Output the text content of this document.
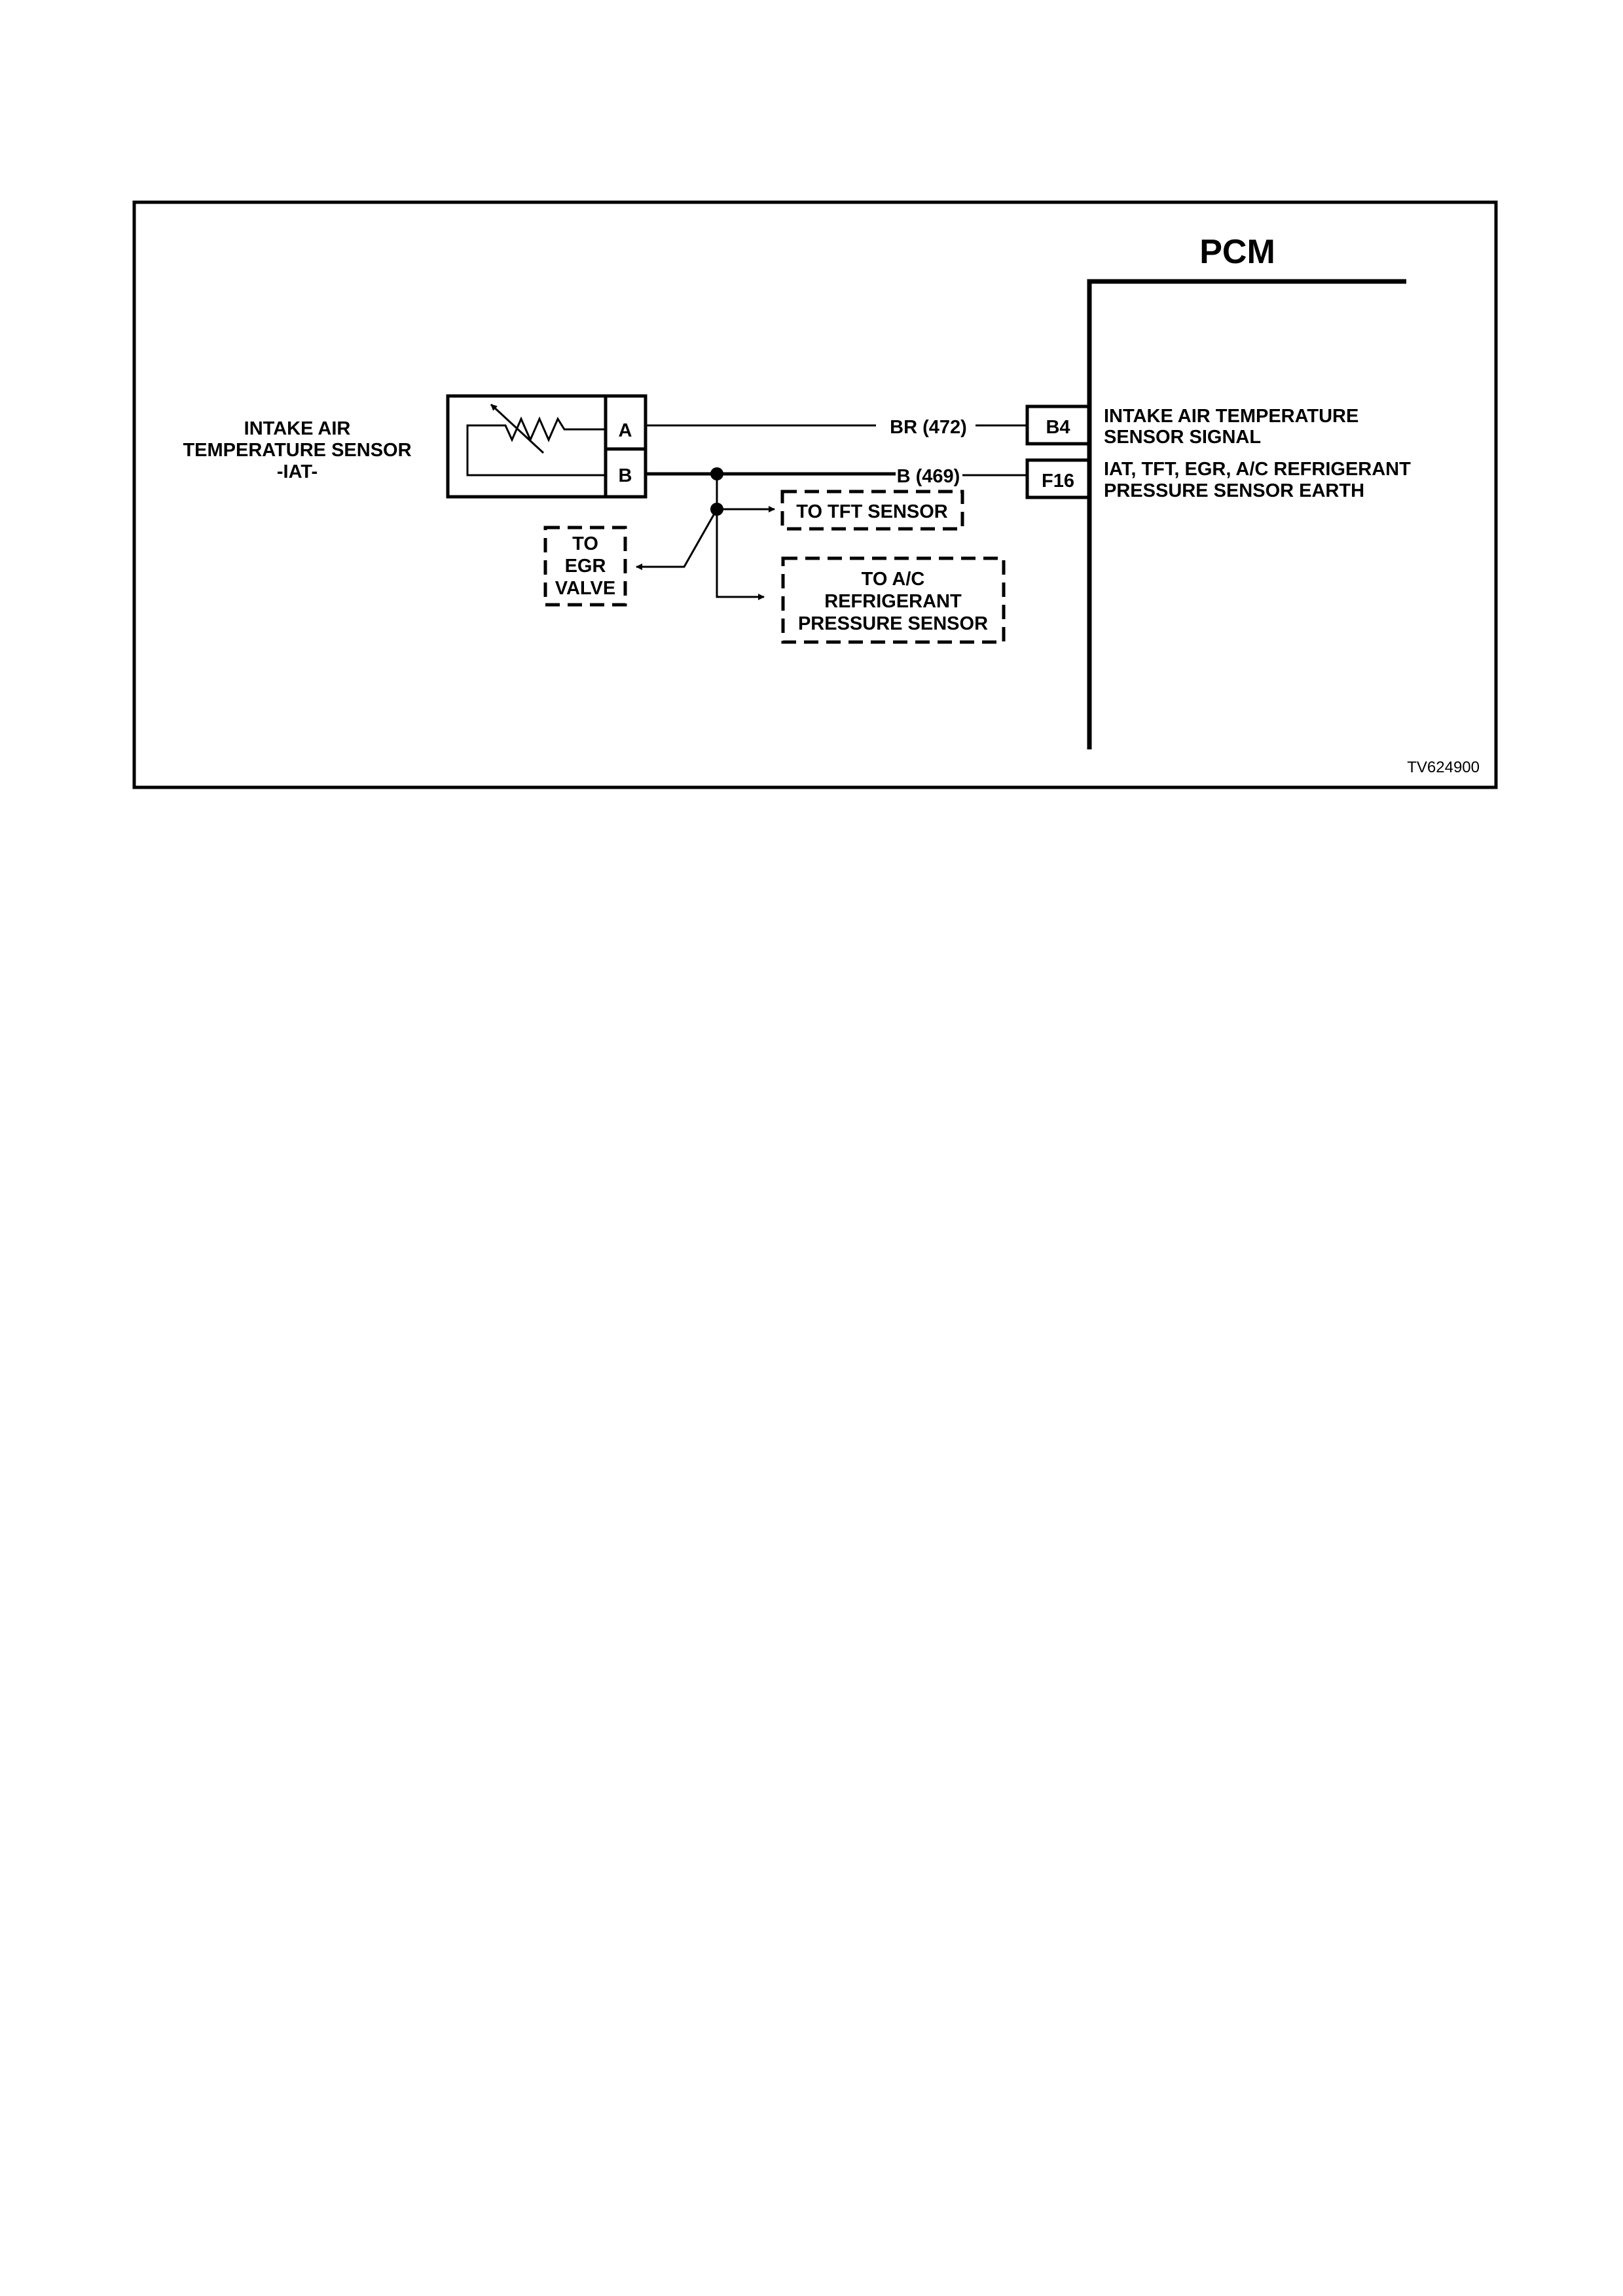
PCM
INTAKE AIR
TEMPERATURE SENSOR
-IAT-
A
B
BR (472)
B (469)
TO TFT SENSOR
TO
EGR
VALVE	TO A/C
REFRIGERANT
PRESSURE SENSOR
B4
F16
INTAKE AIR TEMPERATURE
SENSOR SIGNAL
IAT, TFT, EGR, A/C REFRIGERANT
PRESSURE SENSOR EARTH
TV624900
